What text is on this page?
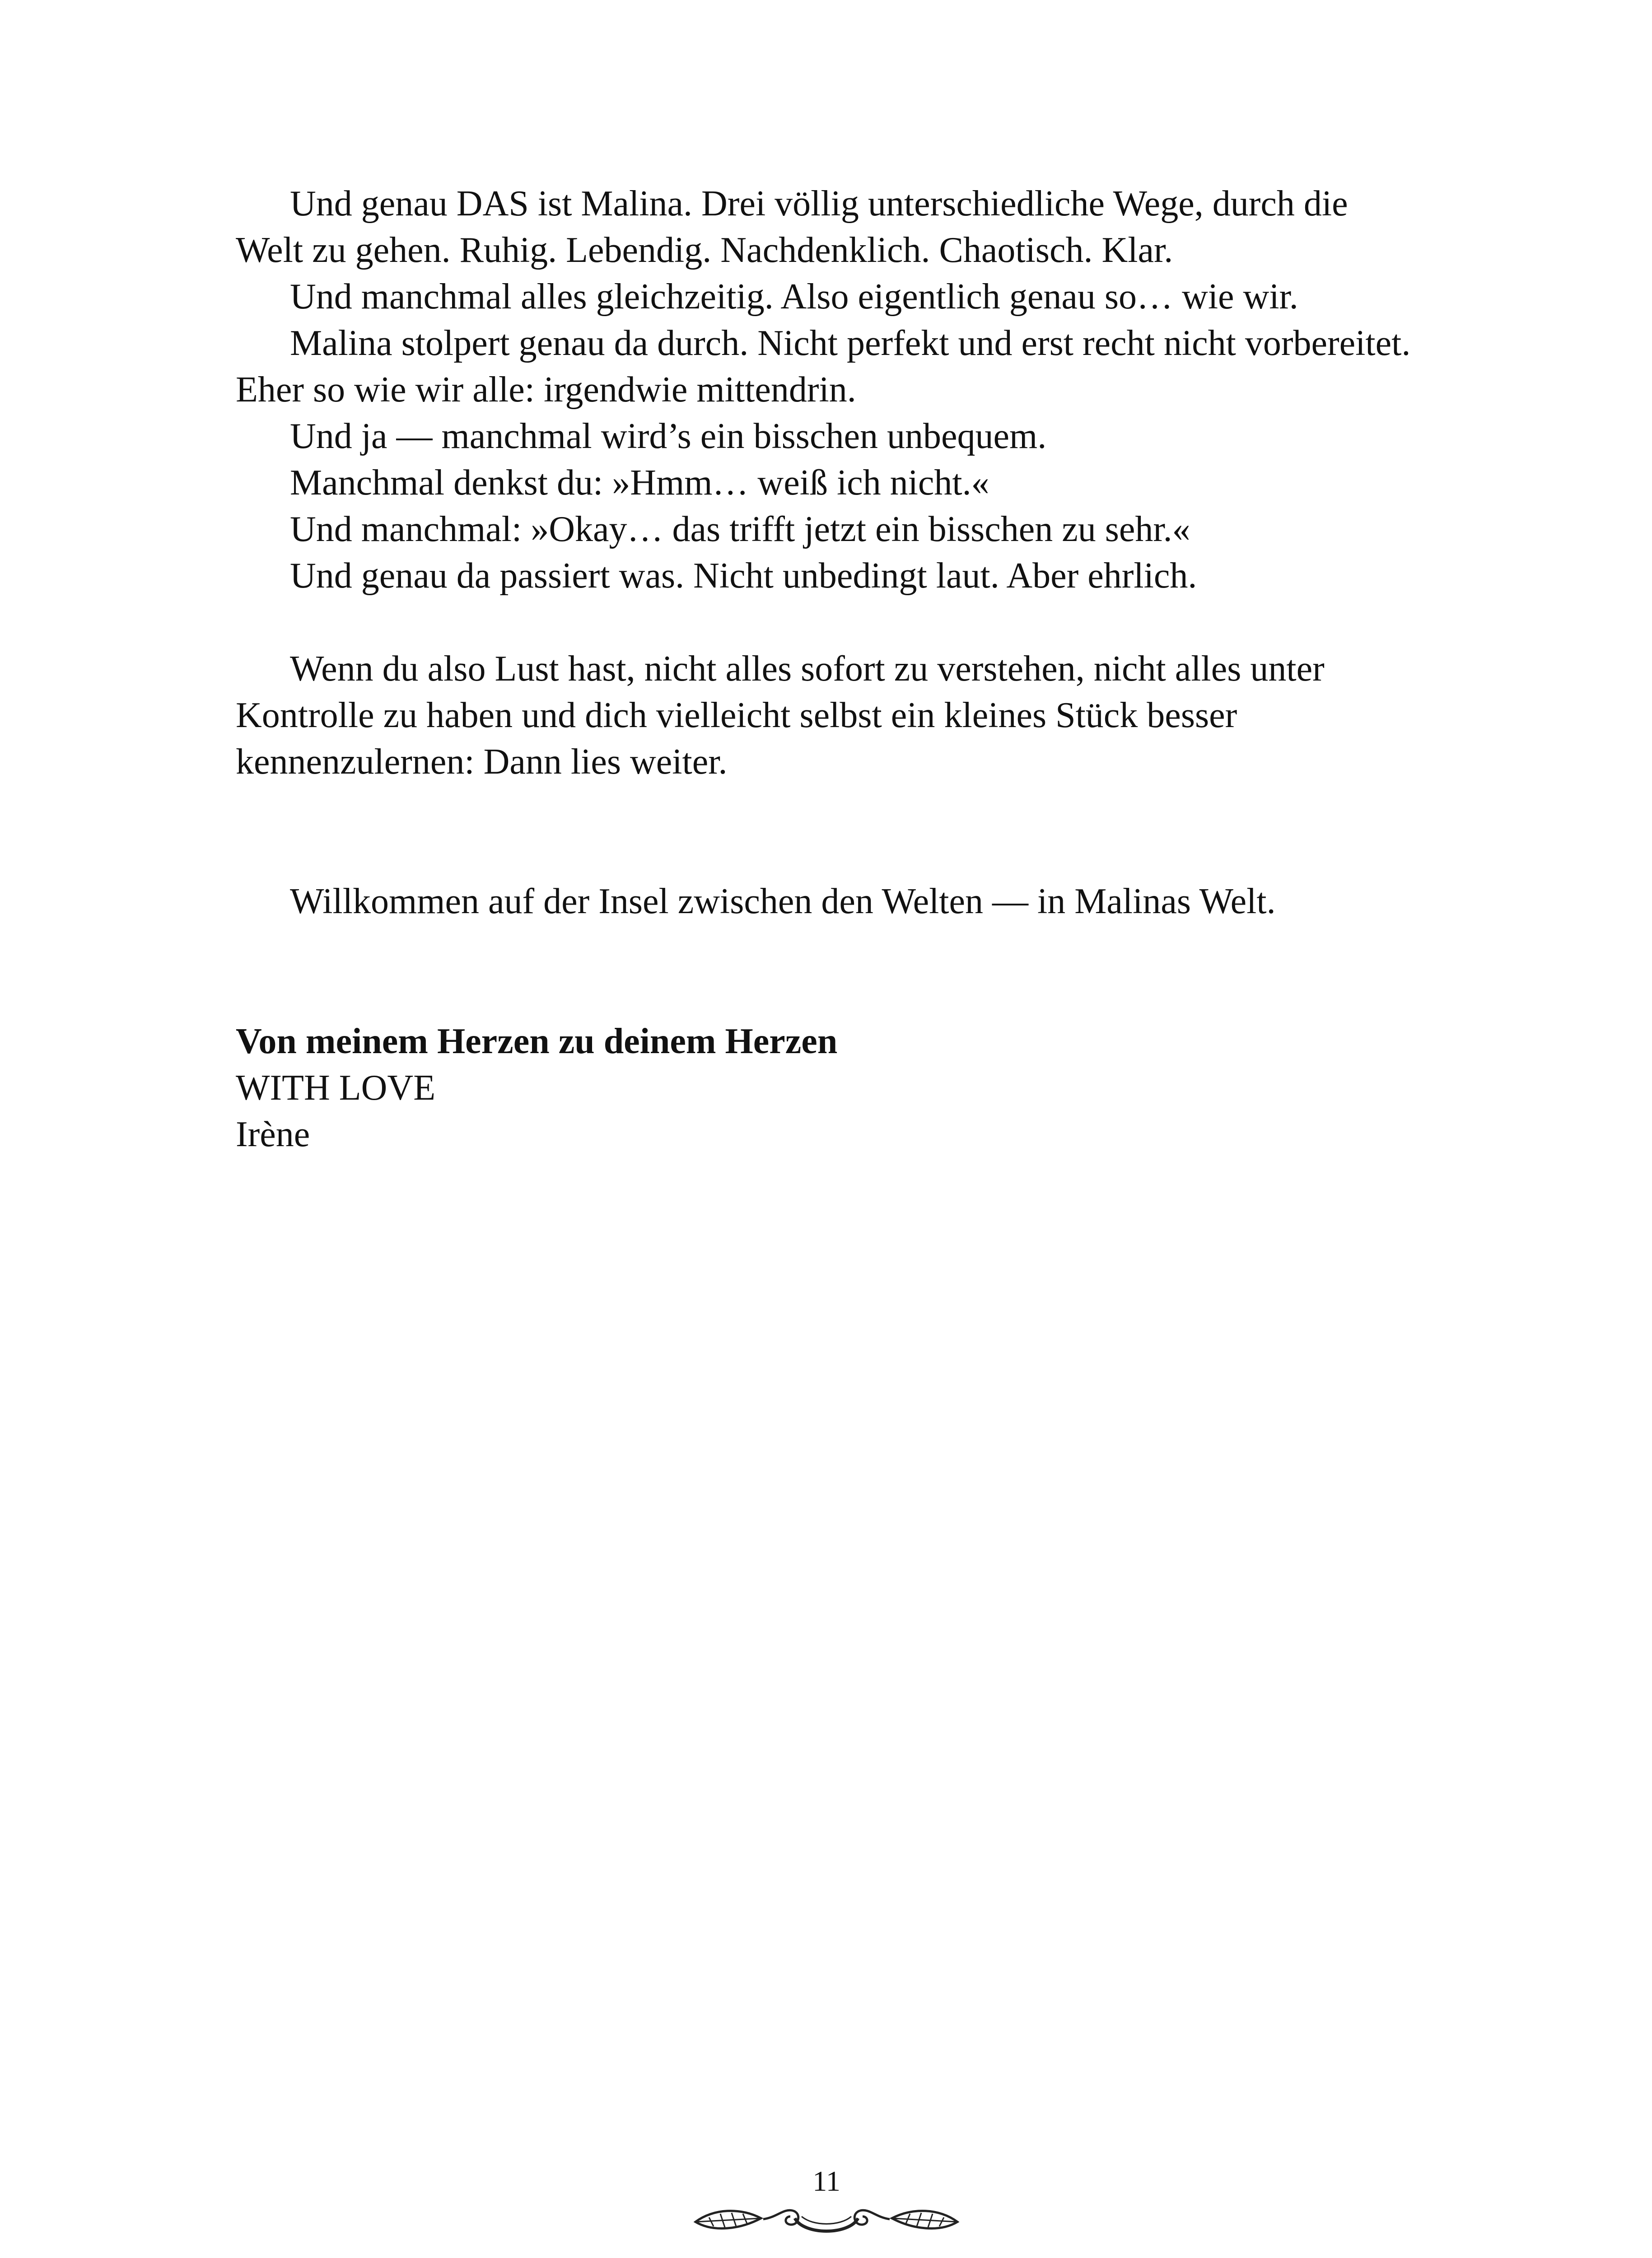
Und genau DAS ist Malina. Drei völlig unterschiedliche Wege, durch die Welt zu gehen. Ruhig. Lebendig. Nachdenklich. Chaotisch. Klar.

Und manchmal alles gleichzeitig. Also eigentlich genau so… wie wir.

Malina stolpert genau da durch. Nicht perfekt und erst recht nicht vorbereitet. Eher so wie wir alle: irgendwie mittendrin.

Und ja — manchmal wird’s ein bisschen unbequem.

Manchmal denkst du: »Hmm… weiß ich nicht.«

Und manchmal: »Okay… das trifft jetzt ein bisschen zu sehr.«

Und genau da passiert was. Nicht unbedingt laut. Aber ehrlich.

Wenn du also Lust hast, nicht alles sofort zu verstehen, nicht alles unter Kontrolle zu haben und dich vielleicht selbst ein kleines Stück besser kennenzulernen: Dann lies weiter.

Willkommen auf der Insel zwischen den Welten — in Malinas Welt.

Von meinem Herzen zu deinem Herzen
WITH LOVE
Irène
11
